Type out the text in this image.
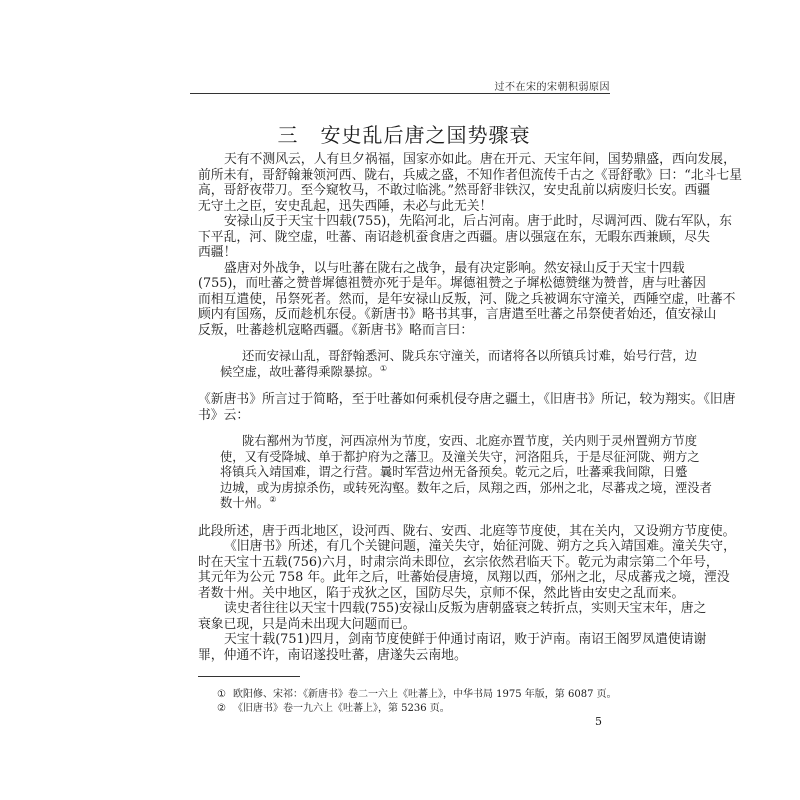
过不在宋的宋朝积弱原因
三 安史乱后唐之国势骤衰
天有不测风云，人有旦夕祸福，国家亦如此。唐在开元、天宝年间，国势鼎盛，西向发展，
前所未有，哥舒翰兼领河西、陇右，兵威之盛，不知作者但流传千古之《哥舒歌》曰：“北斗七星
高，哥舒夜带刀。至今窥牧马，不敢过临洮。”然哥舒非铁汉，安史乱前以病废归长安。西疆
无守土之臣，安史乱起，迅失西陲，未必与此无关！
安禄山反于天宝十四载(755)，先陷河北，后占河南。唐于此时，尽调河西、陇右军队，东
下平乱，河、陇空虚，吐蕃、南诏趁机蚕食唐之西疆。唐以强寇在东，无暇东西兼顾，尽失
西疆！
盛唐对外战争，以与吐蕃在陇右之战争，最有决定影响。然安禄山反于天宝十四载
(755)，而吐蕃之赞普墀德祖赞亦死于是年。墀德祖赞之子墀松德赞继为赞普，唐与吐蕃因
而相互遣使，吊祭死者。然而，是年安禄山反叛，河、陇之兵被调东守潼关，西陲空虚，吐蕃不
顾内有国殇，反而趁机东侵。《新唐书》略书其事，言唐遣至吐蕃之吊祭使者始还，值安禄山
反叛，吐蕃趁机寇略西疆。《新唐书》略而言曰：
还而安禄山乱，哥舒翰悉河、陇兵东守潼关，而诸将各以所镇兵讨难，始号行营，边
候空虚，故吐蕃得乘隙暴掠。①
《新唐书》所言过于简略，至于吐蕃如何乘机侵夺唐之疆土，《旧唐书》所记，较为翔实。《旧唐
书》云：
陇右鄯州为节度，河西凉州为节度，安西、北庭亦置节度，关内则于灵州置朔方节度
使，又有受降城、单于都护府为之藩卫。及潼关失守，河洛阻兵，于是尽征河陇、朔方之
将镇兵入靖国难，谓之行营。曩时军营边州无备预矣。乾元之后，吐蕃乘我间隙，日蹙
边城，或为虏掠杀伤，或转死沟壑。数年之后，凤翔之西，邠州之北，尽蕃戎之境，湮没者
数十州。②
此段所述，唐于西北地区，设河西、陇右、安西、北庭等节度使，其在关内，又设朔方节度使。
《旧唐书》所述，有几个关键问题，潼关失守，始征河陇、朔方之兵入靖国难。潼关失守，
时在天宝十五载(756)六月，时肃宗尚未即位，玄宗依然君临天下。乾元为肃宗第二个年号，
其元年为公元 758 年。此年之后，吐蕃始侵唐境，凤翔以西，邠州之北，尽成蕃戎之境，湮没
者数十州。关中地区，陷于戎狄之区，国防尽失，京师不保，然此皆由安史之乱而来。
读史者往往以天宝十四载(755)安禄山反叛为唐朝盛衰之转折点，实则天宝末年，唐之
衰象已现，只是尚未出现大问题而已。
天宝十载(751)四月，剑南节度使鲜于仲通讨南诏，败于泸南。南诏王阁罗凤遣使请谢
罪，仲通不许，南诏遂投吐蕃，唐遂失云南地。
① 欧阳修、宋祁：《新唐书》卷二一六上《吐蕃上》，中华书局 1975 年版，第 6087 页。
② 《旧唐书》卷一九六上《吐蕃上》，第 5236 页。
5
